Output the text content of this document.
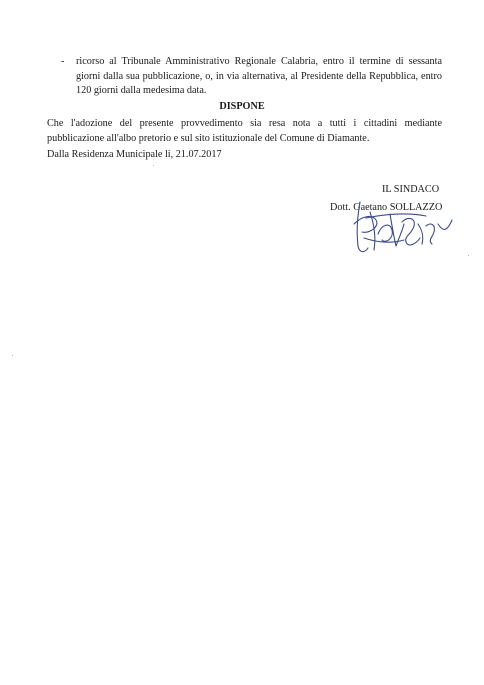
- ricorso al Tribunale Amministrativo Regionale Calabria, entro il termine di sessanta giorni dalla sua pubblicazione, o, in via alternativa, al Presidente della Repubblica, entro 120 giorni dalla medesima data.
DISPONE
Che l'adozione del presente provvedimento sia resa nota a tutti i cittadini mediante pubblicazione all'albo pretorio e sul sito istituzionale del Comune di Diamante.
Dalla Residenza Municipale li, 21.07.2017
IL SINDACO
Dott. Gaetano SOLLAZZO
